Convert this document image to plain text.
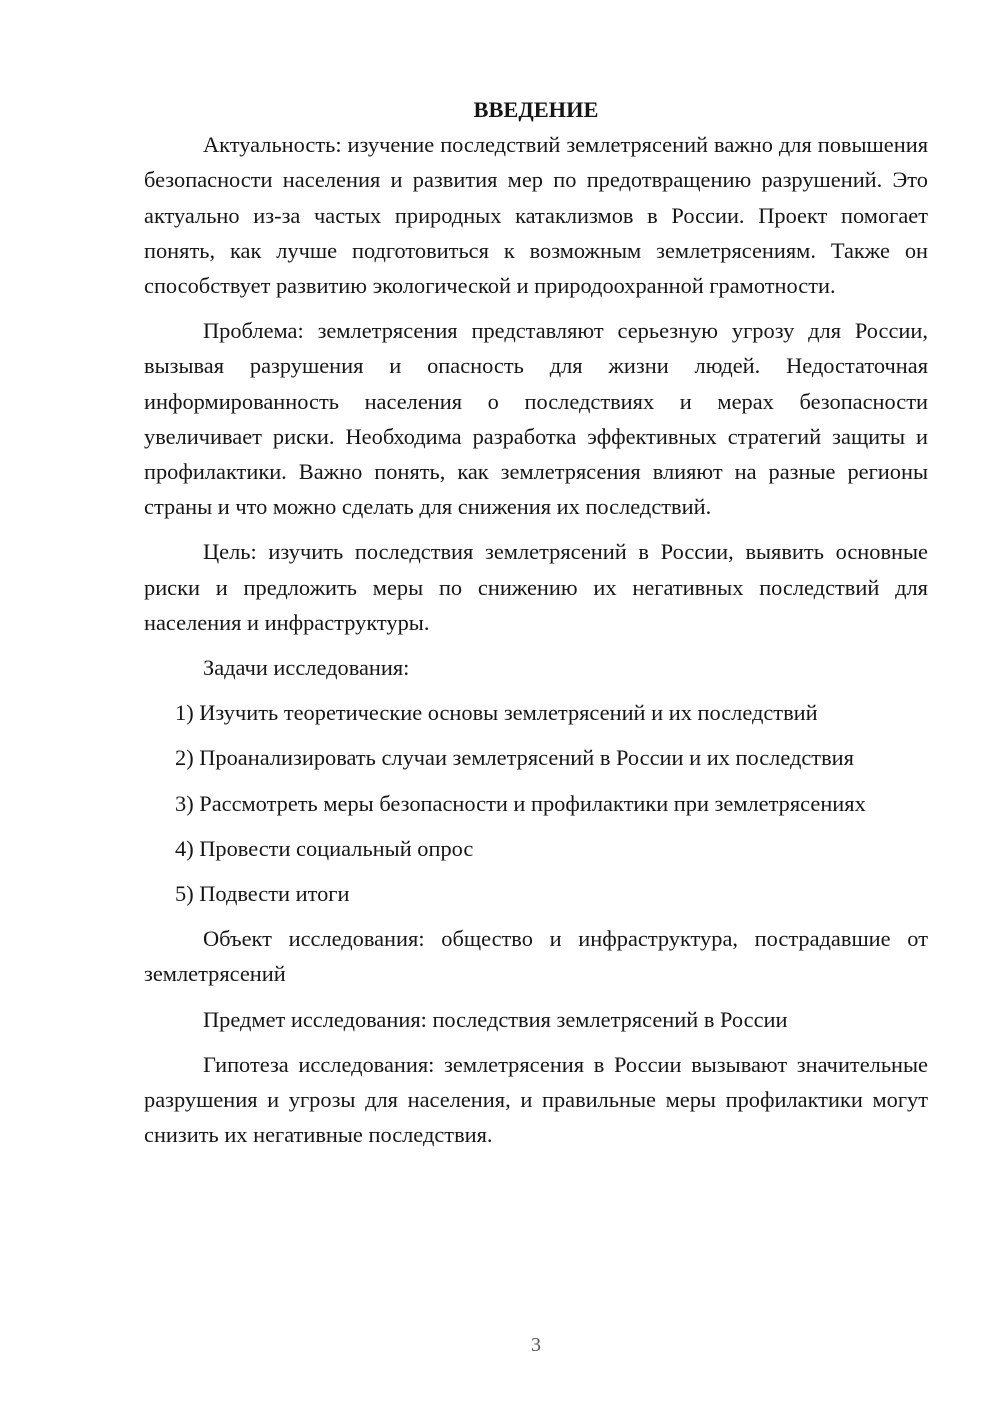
ВВЕДЕНИЕ

Актуальность: изучение последствий землетрясений важно для повышения безопасности населения и развития мер по предотвращению разрушений. Это актуально из-за частых природных катаклизмов в России. Проект помогает понять, как лучше подготовиться к возможным землетрясениям. Также он способствует развитию экологической и природоохранной грамотности.

Проблема: землетрясения представляют серьезную угрозу для России, вызывая разрушения и опасность для жизни людей. Недостаточная информированность населения о последствиях и мерах безопасности увеличивает риски. Необходима разработка эффективных стратегий защиты и профилактики. Важно понять, как землетрясения влияют на разные регионы страны и что можно сделать для снижения их последствий.

Цель: изучить последствия землетрясений в России, выявить основные риски и предложить меры по снижению их негативных последствий для населения и инфраструктуры.

Задачи исследования:

1) Изучить теоретические основы землетрясений и их последствий

2) Проанализировать случаи землетрясений в России и их последствия

3) Рассмотреть меры безопасности и профилактики при землетрясениях

4) Провести социальный опрос

5) Подвести итоги

Объект исследования: общество и инфраструктура, пострадавшие от землетрясений

Предмет исследования: последствия землетрясений в России

Гипотеза исследования: землетрясения в России вызывают значительные разрушения и угрозы для населения, и правильные меры профилактики могут снизить их негативные последствия.

3
